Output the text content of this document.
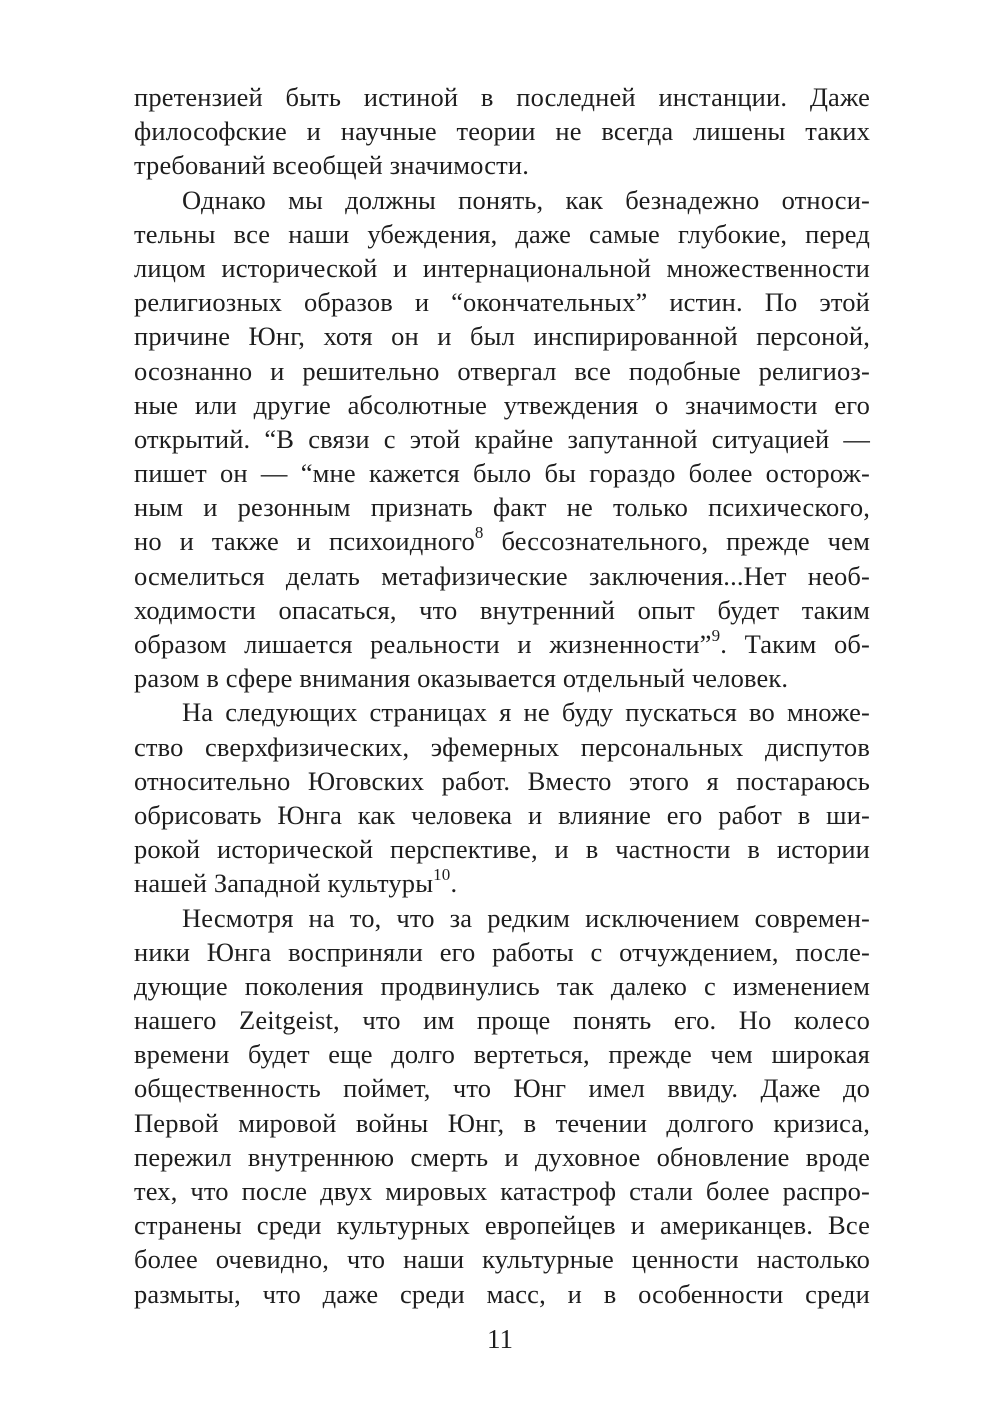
претензией быть истиной в последней инстанции. Даже
философские и научные теории не всегда лишены таких
требований всеобщей значимости.
Однако мы должны понять, как безнадежно относи-
тельны все наши убеждения, даже самые глубокие, перед
лицом исторической и интернациональной множественности
религиозных образов и “окончательных” истин. По этой
причине Юнг, хотя он и был инспирированной персоной,
осознанно и решительно отвергал все подобные религиоз-
ные или другие абсолютные утвеждения о значимости его
открытий. “В связи с этой крайне запутанной ситуацией —
пишет он — “мне кажется было бы гораздо более осторож-
ным и резонным признать факт не только психического,
но и также и психоидного$^8$ бессознательного, прежде чем
осмелиться делать метафизические заключения...Нет необ-
ходимости опасаться, что внутренний опыт будет таким
образом лишается реальности и жизненности”$^9$. Таким об-
разом в сфере внимания оказывается отдельный человек.
На следующих страницах я не буду пускаться во множе-
ство сверхфизических, эфемерных персональных диспутов
относительно Юговских работ. Вместо этого я постараюсь
обрисовать Юнга как человека и влияние его работ в ши-
рокой исторической перспективе, и в частности в истории
нашей Западной культуры$^{10}$.
Несмотря на то, что за редким исключением современ-
ники Юнга восприняли его работы с отчуждением, после-
дующие поколения продвинулись так далеко с изменением
нашего Zeitgeist, что им проще понять его. Но колесо
времени будет еще долго вертеться, прежде чем широкая
общественность поймет, что Юнг имел ввиду. Даже до
Первой мировой войны Юнг, в течении долгого кризиса,
пережил внутреннюю смерть и духовное обновление вроде
тех, что после двух мировых катастроф стали более распро-
странены среди культурных европейцев и американцев. Все
более очевидно, что наши культурные ценности настолько
размыты, что даже среди масс, и в особенности среди
11
